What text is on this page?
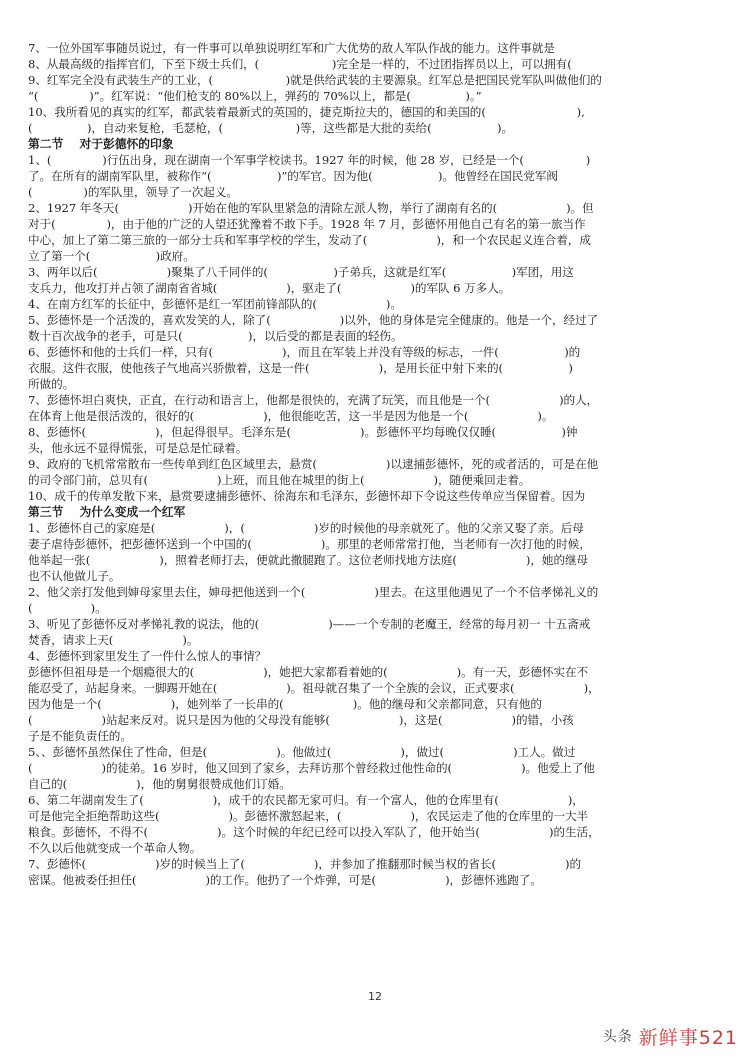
7、一位外国军事随员说过，有一件事可以单独说明红军和广大优势的敌人军队作战的能力。这件事就是

8、从最高级的指挥官们，下至下级士兵们，(                    )完全是一样的，不过团指挥员以上，可以拥有(

9、红军完全没有武装生产的工业，(                    )就是供给武装的主要源泉。红军总是把国民党军队叫做他们的

“(              )”。红军说：“他们枪支的 80%以上，弹药的 70%以上，都是(               )。”

10、我所看见的真实的红军，都武装着最新式的英国的，捷克斯拉夫的，德国的和美国的(                         ),

(               )，自动来复枪，毛瑟枪，(                    )等，这些都是大批的卖给(                  )。

第二节    对于彭德怀的印象

1、(              )行伍出身，现在湖南一个军事学校读书。1927 年的时候，他 28 岁，已经是一个(                 )

了。在所有的湖南军队里，被称作“(                  )”的军官。因为他(                  )。他曾经在国民党军阀

(              )的军队里，领导了一次起义。

2、1927 年冬天(                   )开始在他的军队里紧急的清除左派人物，举行了湖南有名的(                   )。但

对于(              )，由于他的广泛的人望还犹豫着不敢下手。1928 年 7 月，彭德怀用他自己有名的第一旅当作

中心，加上了第二第三旅的一部分士兵和军事学校的学生，发动了(                   )，和一个农民起义连合着，成

立了第一个(                  )政府。

3、两年以后(                   )聚集了八千同伴的(                  )子弟兵，这就是红军(                  )军团，用这

支兵力，他攻打并占领了湖南省省城(                   )，驱走了(                   )的军队 6 万多人。

4、在南方红军的长征中，彭德怀是红一军团前锋部队的(                   )。

5、彭德怀是一个活泼的，喜欢发笑的人，除了(                   )以外，他的身体是完全健康的。他是一个，经过了

数十百次战争的老手，可是只(                  )，以后受的都是表面的轻伤。

6、彭德怀和他的士兵们一样，只有(                   )，而且在军装上并没有等级的标志，一件(                  )的

衣服。这件衣服，使他孩子气地高兴骄傲着，这是一件(                   )，是用长征中射下来的(                  )

所做的。

7、彭德怀坦白爽快，正直，在行动和语言上，他都是很快的，充满了玩笑，而且他是一个(                   )的人，

在体育上他是很活泼的，很好的(                   )，他很能吃苦，这一半是因为他是一个(                   )。

8、彭德怀(                   )，但起得很早。毛泽东是(                   )。彭德怀平均每晚仅仅睡(                  )钟

头，他永远不显得慌张，可是总是忙碌着。

9、政府的飞机常常散布一些传单到红色区域里去，悬赏(                   )以逮捕彭德怀，死的或者活的，可是在他

的司令部门前，总贝有(                   )上班，而且他在城里的街上(                   )，随便乘回走着。

10、成千的传单发散下来，悬赏要逮捕彭德怀、徐海东和毛泽东，彭德怀却下令说这些传单应当保留着。因为

第三节    为什么变成一个红军

1、彭德怀自己的家庭是(                   )，(                   )岁的时候他的母亲就死了。他的父亲又娶了亲。后母

妻子虐待彭德怀，把彭德怀送到一个中国的(                   )。那里的老师常常打他，当老师有一次打他的时候，

他举起一张(                   )，照着老师打去，便就此撒腿跑了。这位老师找地方法庭(                   )，她的继母

也不认他做儿子。

2、他父亲打发他到婶母家里去住，婶母把他送到一个(                   )里去。在这里他遇见了一个不信孝悌礼义的

(                )。

3、听见了彭德怀反对孝悌礼教的说法，他的(                   )——一个专制的老魔王，经常的每月初一 十五斋戒

焚香，请求上天(                   )。

4、彭德怀到家里发生了一件什么惊人的事情？

彭德怀但祖母是一个烟瘾很大的(                   )，她把大家都看着她的(                   )。有一天，彭德怀实在不

能忍受了，站起身来。一脚踢开她在(                   )。祖母就召集了一个全族的会议，正式要求(                   )，

因为他是一个(                   )，她列举了一长串的(                   )。他的继母和父亲都同意，只有他的

(                   )站起来反对。说只是因为他的父母没有能够(                   )，这是(                   )的错，小孩

子是不能负责任的。

5、、彭德怀虽然保住了性命，但是(                   )。他做过(                   )，做过(                   )工人。做过

(                   )的徒弟。16 岁时，他又回到了家乡，去拜访那个曾经救过他性命的(                   )。他爱上了他

自己的(                   )，他的舅舅很赞成他们订婚。

6、第二年湖南发生了(                   )，成千的农民都无家可归。有一个富人，他的仓库里有(                   )，

可是他完全拒绝帮助这些(                   )。彭德怀激怒起来，(                   )，农民运走了他的仓库里的一大半

粮食。彭德怀，不得不(                   )。这个时候的年纪已经可以投入军队了，他开始当(                   )的生活，

不久以后他就变成一个革命人物。

7、彭德怀(                   )岁的时候当上了(                   )，并参加了推翻那时候当权的省长(                   )的

密谋。他被委任担任(                   )的工作。他扔了一个炸弹，可是(                   )，彭德怀逃跑了。

12
头条 新鲜事521
